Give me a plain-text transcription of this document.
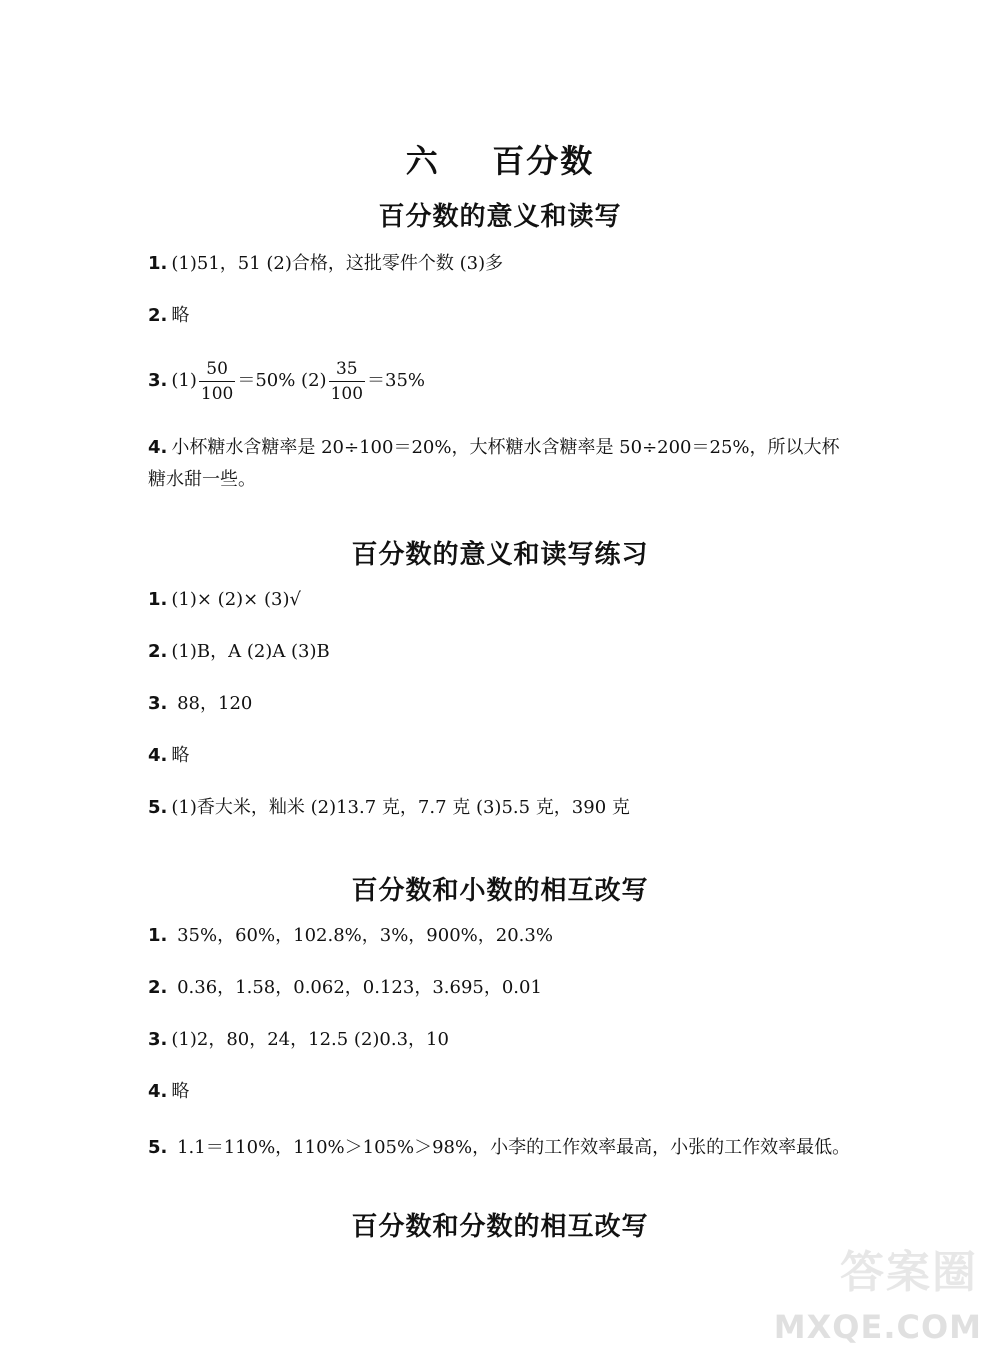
六 百分数
百分数的意义和读写
1. (1)51，51 (2)合格，这批零件个数 (3)多
2. 略
3. $(1) \frac{50}{100} =50\%$ $(2) \frac{35}{100} =35\%$
4. 小杯糖水含糖率是 20÷100＝20%，大杯糖水含糖率是 50÷200＝25%，所以大杯糖水甜一些。
百分数的意义和读写练习
1. (1)× (2)× (3)√
2. (1)B，A (2)A (3)B
3. 88，120
4. 略
5. (1)香大米，籼米 (2)13.7 克，7.7 克 (3)5.5 克，390 克
百分数和小数的相互改写
1. 35%，60%，102.8%，3%，900%，20.3%
2. 0.36，1.58，0.062，0.123，3.695，0.01
3. (1)2，80，24，12.5 (2)0.3，10
4. 略
5. 1.1＝110%，110%＞105%＞98%，小李的工作效率最高，小张的工作效率最低。
百分数和分数的相互改写
答案圈
MXQE.COM
